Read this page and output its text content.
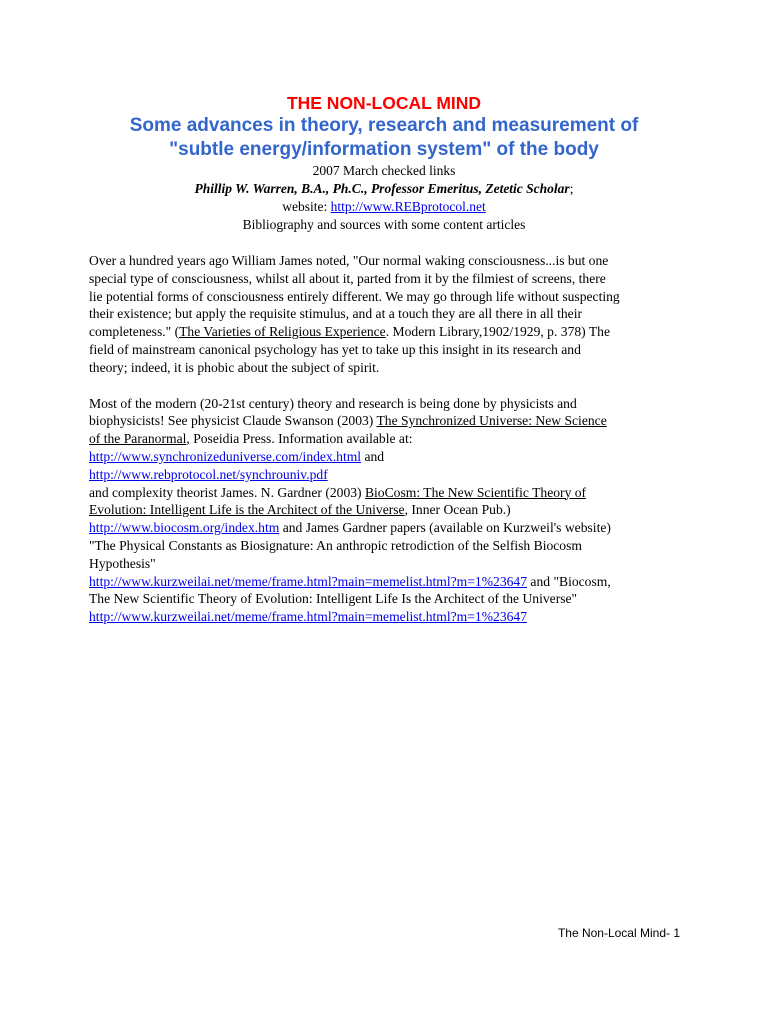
THE NON-LOCAL MIND

Some advances in theory, research and measurement of

"subtle energy/information system" of the body

2007 March checked links
Phillip W. Warren, B.A., Ph.C., Professor Emeritus, Zetetic Scholar;
website: http://www.REBprotocol.net
Bibliography and sources with some content articles
Over a hundred years ago William James noted, "Our normal waking consciousness...is but one
special type of consciousness, whilst all about it, parted from it by the filmiest of screens, there
lie potential forms of consciousness entirely different. We may go through life without suspecting
their existence; but apply the requisite stimulus, and at a touch they are all there in all their
completeness." (The Varieties of Religious Experience. Modern Library,1902/1929, p. 378) The
field of mainstream canonical psychology has yet to take up this insight in its research and
theory; indeed, it is phobic about the subject of spirit.
Most of the modern (20-21st century) theory and research is being done by physicists and
biophysicists! See physicist Claude Swanson (2003) The Synchronized Universe: New Science
of the Paranormal, Poseidia Press. Information available at:
http://www.synchronizeduniverse.com/index.html and
http://www.rebprotocol.net/synchrouniv.pdf
and complexity theorist James. N. Gardner (2003) BioCosm: The New Scientific Theory of
Evolution: Intelligent Life is the Architect of the Universe, Inner Ocean Pub.)
http://www.biocosm.org/index.htm and James Gardner papers (available on Kurzweil's website)
"The Physical Constants as Biosignature: An anthropic retrodiction of the Selfish Biocosm
Hypothesis"
http://www.kurzweilai.net/meme/frame.html?main=memelist.html?m=1%23647 and "Biocosm,
The New Scientific Theory of Evolution: Intelligent Life Is the Architect of the Universe"
http://www.kurzweilai.net/meme/frame.html?main=memelist.html?m=1%23647
The Non-Local Mind- 1
